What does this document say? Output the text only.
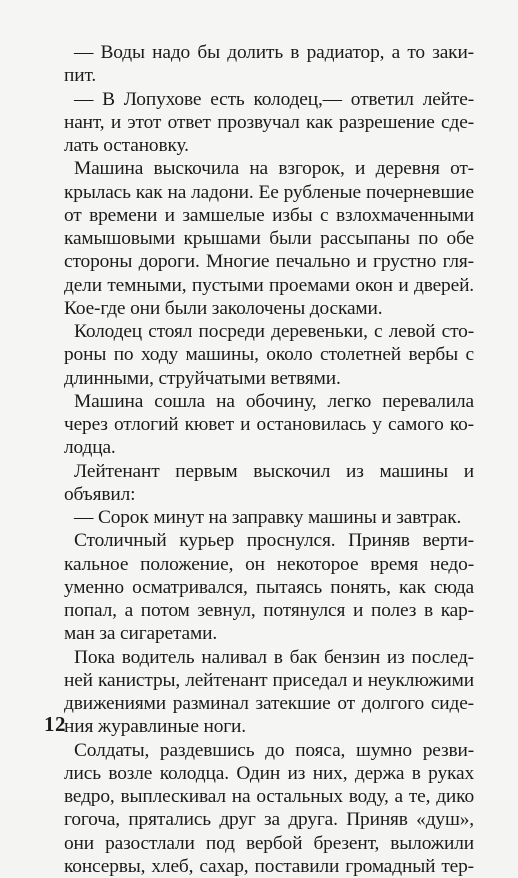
— Воды надо бы долить в радиатор, а то заки-
пит.
— В Лопухове есть колодец,— ответил лейте-
нант, и этот ответ прозвучал как разрешение сде-
лать остановку.
Машина выскочила на взгорок, и деревня от-
крылась как на ладони. Ее рубленые почерневшие
от времени и замшелые избы с взлохмаченными
камышовыми крышами были рассыпаны по обе
стороны дороги. Многие печально и грустно гля-
дели темными, пустыми проемами окон и дверей.
Кое-где они были заколочены досками.
Колодец стоял посреди деревеньки, с левой сто-
роны по ходу машины, около столетней вербы с
длинными, струйчатыми ветвями.
Машина сошла на обочину, легко перевалила
через отлогий кювет и остановилась у самого ко-
лодца.
Лейтенант первым выскочил из машины и
объявил:
— Сорок минут на заправку машины и завтрак.
Столичный курьер проснулся. Приняв верти-
кальное положение, он некоторое время недо-
уменно осматривался, пытаясь понять, как сюда
попал, а потом зевнул, потянулся и полез в кар-
ман за сигаретами.
Пока водитель наливал в бак бензин из послед-
ней канистры, лейтенант приседал и неуклюжими
движениями разминал затекшие от долгого сиде-
ния журавлиные ноги.
Солдаты, раздевшись до пояса, шумно резви-
лись возле колодца. Один из них, держа в руках
ведро, выплескивал на остальных воду, а те, дико
гогоча, прятались друг за друга. Приняв «душ»,
они разостлали под вербой брезент, выложили
консервы, хлеб, сахар, поставили громадный тер-
12
